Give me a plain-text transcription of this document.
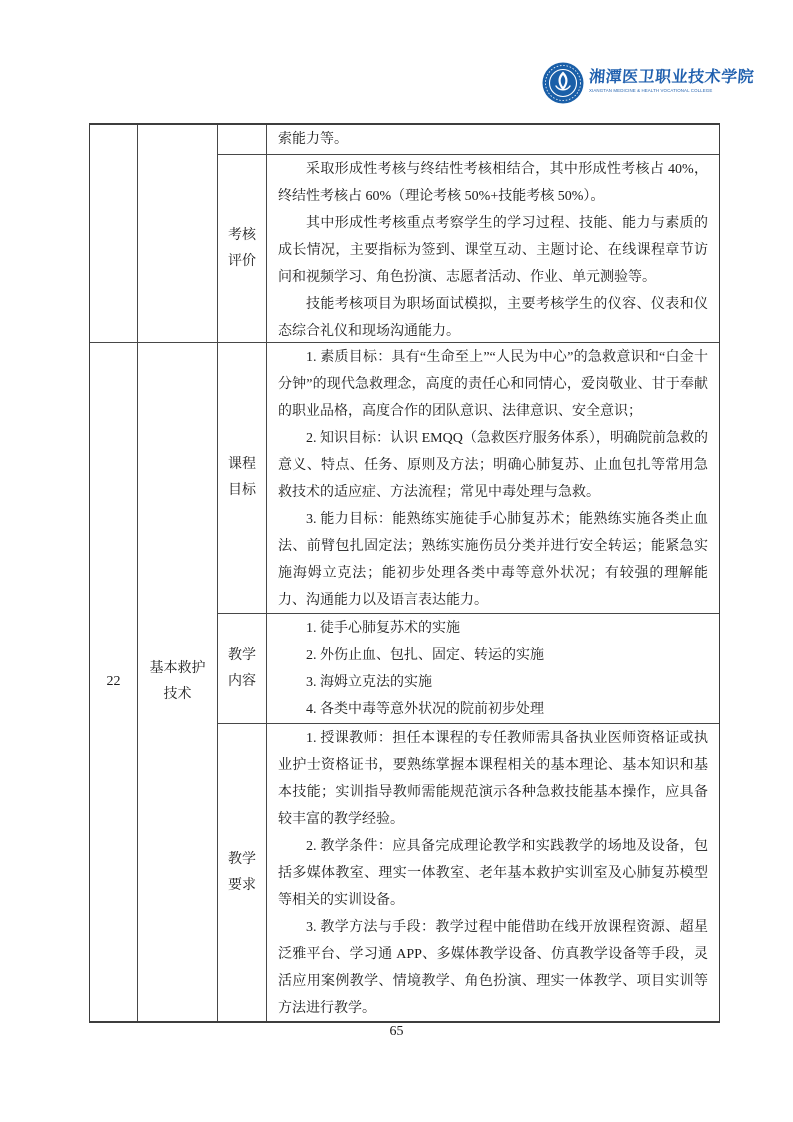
湘潭医卫职业技术学院
XIANGTAN MEDICINE & HEALTH VOCATIONAL COLLEGE

索能力等。

考核
评价

采取形成性考核与终结性考核相结合，其中形成性考核占 40%，终结性考核占 60%（理论考核 50%+技能考核 50%）。

其中形成性考核重点考察学生的学习过程、技能、能力与素质的成长情况，主要指标为签到、课堂互动、主题讨论、在线课程章节访问和视频学习、角色扮演、志愿者活动、作业、单元测验等。

技能考核项目为职场面试模拟，主要考核学生的仪容、仪表和仪态综合礼仪和现场沟通能力。

22
基本救护
技术
课程
目标

1. 素质目标：具有“生命至上”“人民为中心”的急救意识和“白金十分钟”的现代急救理念，高度的责任心和同情心，爱岗敬业、甘于奉献的职业品格，高度合作的团队意识、法律意识、安全意识；

2. 知识目标：认识 EMQQ（急救医疗服务体系），明确院前急救的意义、特点、任务、原则及方法；明确心肺复苏、止血包扎等常用急救技术的适应症、方法流程；常见中毒处理与急救。

3. 能力目标：能熟练实施徒手心肺复苏术；能熟练实施各类止血法、前臂包扎固定法；熟练实施伤员分类并进行安全转运；能紧急实施海姆立克法；能初步处理各类中毒等意外状况；有较强的理解能力、沟通能力以及语言表达能力。

教学
内容

1. 徒手心肺复苏术的实施

2. 外伤止血、包扎、固定、转运的实施

3. 海姆立克法的实施

4. 各类中毒等意外状况的院前初步处理

教学
要求

1. 授课教师：担任本课程的专任教师需具备执业医师资格证或执业护士资格证书，要熟练掌握本课程相关的基本理论、基本知识和基本技能；实训指导教师需能规范演示各种急救技能基本操作，应具备较丰富的教学经验。

2. 教学条件：应具备完成理论教学和实践教学的场地及设备，包括多媒体教室、理实一体教室、老年基本救护实训室及心肺复苏模型等相关的实训设备。

3. 教学方法与手段：教学过程中能借助在线开放课程资源、超星泛雅平台、学习通 APP、多媒体教学设备、仿真教学设备等手段，灵活应用案例教学、情境教学、角色扮演、理实一体教学、项目实训等方法进行教学。

65
